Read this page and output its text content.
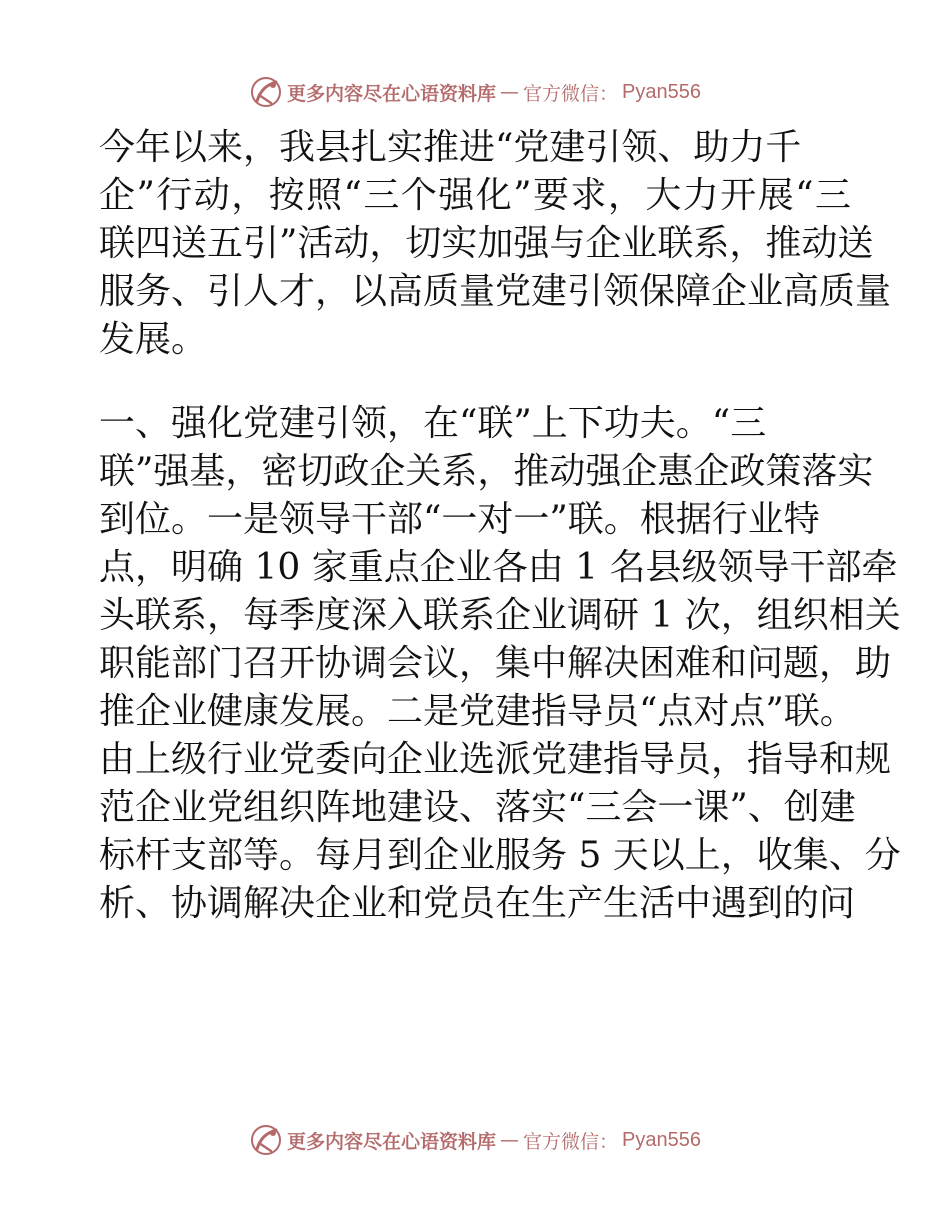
更多内容尽在心语资料库 — 官方微信： Pyan556
今年以来，我县扎实推进“党建引领、助力千
企”行动，按照“三个强化”要求，大力开展“三
联四送五引”活动，切实加强与企业联系，推动送
服务、引人才，以高质量党建引领保障企业高质量
发展。
一、强化党建引领，在“联”上下功夫。“三
联”强基，密切政企关系，推动强企惠企政策落实
到位。一是领导干部“一对一”联。根据行业特
点，明确 10 家重点企业各由 1 名县级领导干部牵
头联系，每季度深入联系企业调研 1 次，组织相关
职能部门召开协调会议，集中解决困难和问题，助
推企业健康发展。二是党建指导员“点对点”联。
由上级行业党委向企业选派党建指导员，指导和规
范企业党组织阵地建设、落实“三会一课”、创建
标杆支部等。每月到企业服务 5 天以上，收集、分
析、协调解决企业和党员在生产生活中遇到的问
更多内容尽在心语资料库 — 官方微信： Pyan556
